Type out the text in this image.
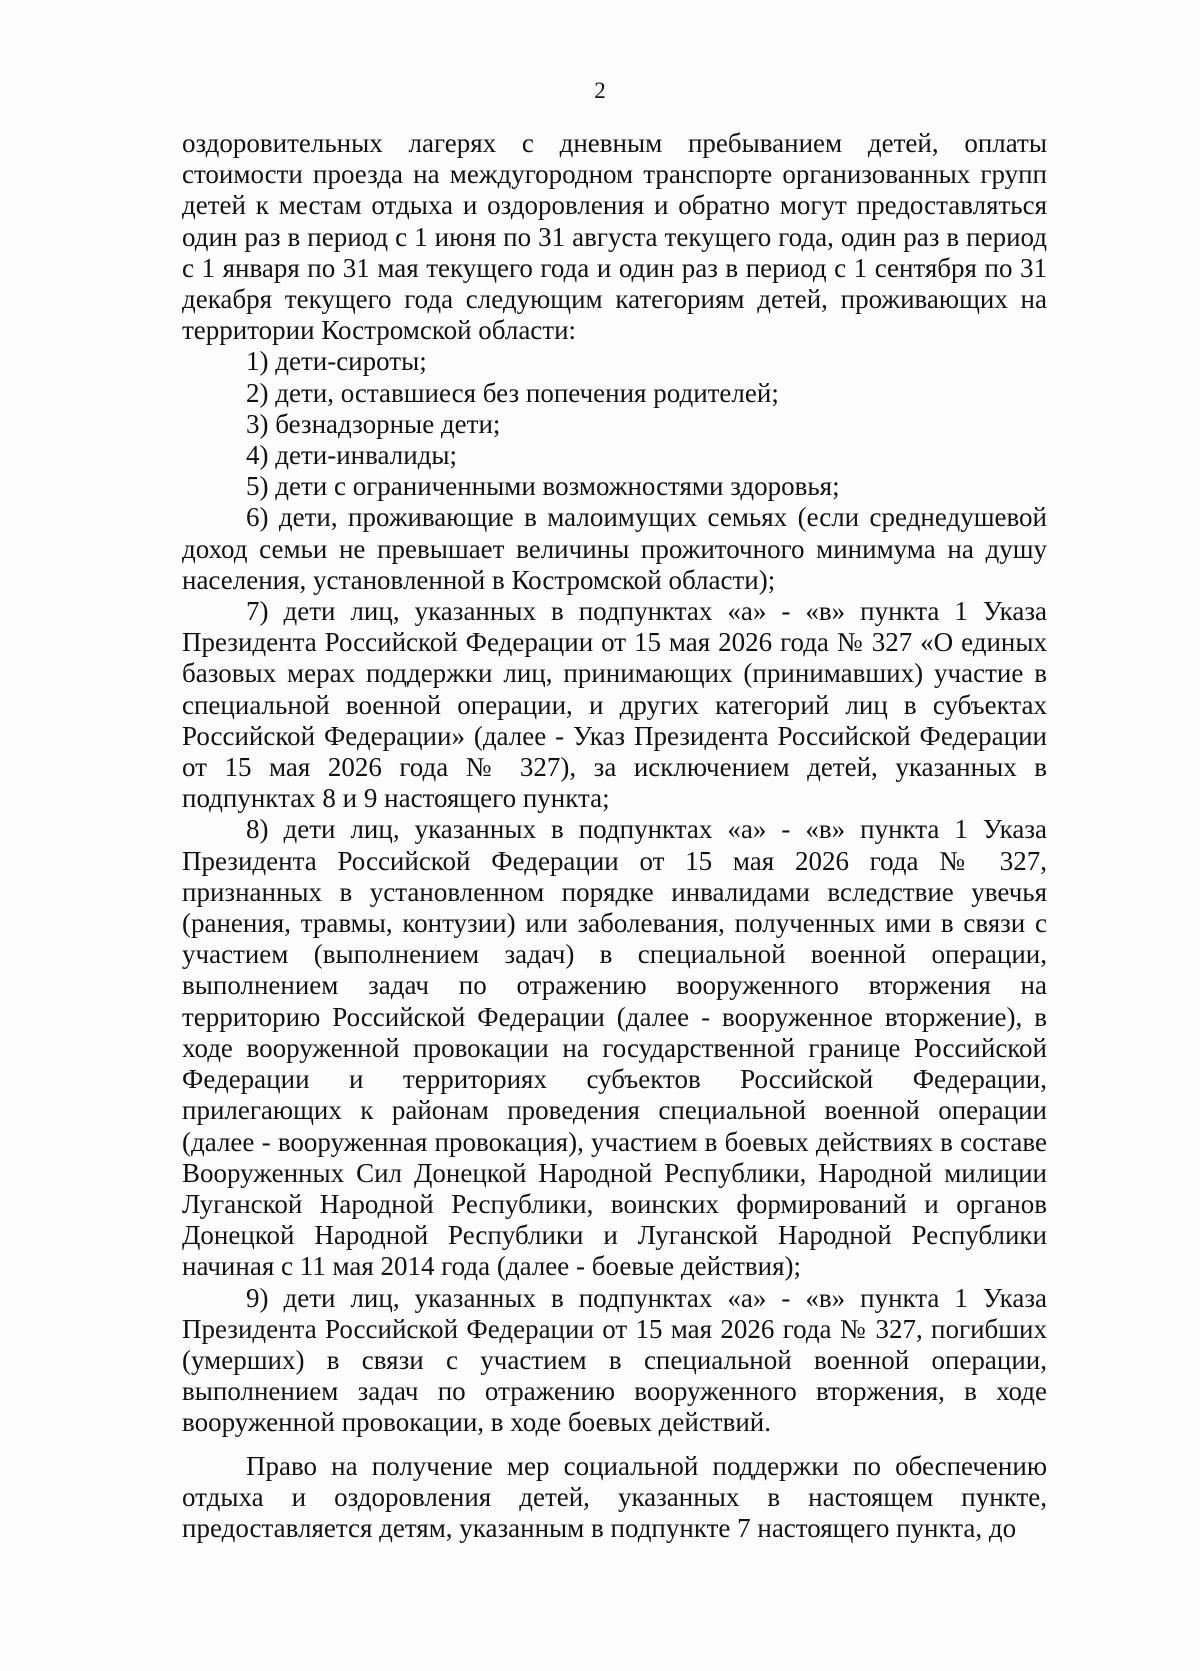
2

оздоровительных лагерях с дневным пребыванием детей, оплаты стоимости проезда на междугородном транспорте организованных групп детей к местам отдыха и оздоровления и обратно могут предоставляться один раз в период с 1 июня по 31 августа текущего года, один раз в период с 1 января по 31 мая текущего года и один раз в период с 1 сентября по 31 декабря текущего года следующим категориям детей, проживающих на территории Костромской области:

1) дети-сироты;

2) дети, оставшиеся без попечения родителей;

3) безнадзорные дети;

4) дети-инвалиды;

5) дети с ограниченными возможностями здоровья;

6) дети, проживающие в малоимущих семьях (если среднедушевой доход семьи не превышает величины прожиточного минимума на душу населения, установленной в Костромской области);

7) дети лиц, указанных в подпунктах «а» - «в» пункта 1 Указа Президента Российской Федерации от 15 мая 2026 года № 327 «О единых базовых мерах поддержки лиц, принимающих (принимавших) участие в специальной военной операции, и других категорий лиц в субъектах Российской Федерации» (далее - Указ Президента Российской Федерации от 15 мая 2026 года № 327), за исключением детей, указанных в подпунктах 8 и 9 настоящего пункта;

8) дети лиц, указанных в подпунктах «а» - «в» пункта 1 Указа Президента Российской Федерации от 15 мая 2026 года № 327, признанных в установленном порядке инвалидами вследствие увечья (ранения, травмы, контузии) или заболевания, полученных ими в связи с участием (выполнением задач) в специальной военной операции, выполнением задач по отражению вооруженного вторжения на территорию Российской Федерации (далее - вооруженное вторжение), в ходе вооруженной провокации на государственной границе Российской Федерации и территориях субъектов Российской Федерации, прилегающих к районам проведения специальной военной операции (далее - вооруженная провокация), участием в боевых действиях в составе Вооруженных Сил Донецкой Народной Республики, Народной милиции Луганской Народной Республики, воинских формирований и органов Донецкой Народной Республики и Луганской Народной Республики начиная с 11 мая 2014 года (далее - боевые действия);

9) дети лиц, указанных в подпунктах «а» - «в» пункта 1 Указа Президента Российской Федерации от 15 мая 2026 года № 327, погибших (умерших) в связи с участием в специальной военной операции, выполнением задач по отражению вооруженного вторжения, в ходе вооруженной провокации, в ходе боевых действий.

Право на получение мер социальной поддержки по обеспечению отдыха и оздоровления детей, указанных в настоящем пункте, предоставляется детям, указанным в подпункте 7 настоящего пункта, до
